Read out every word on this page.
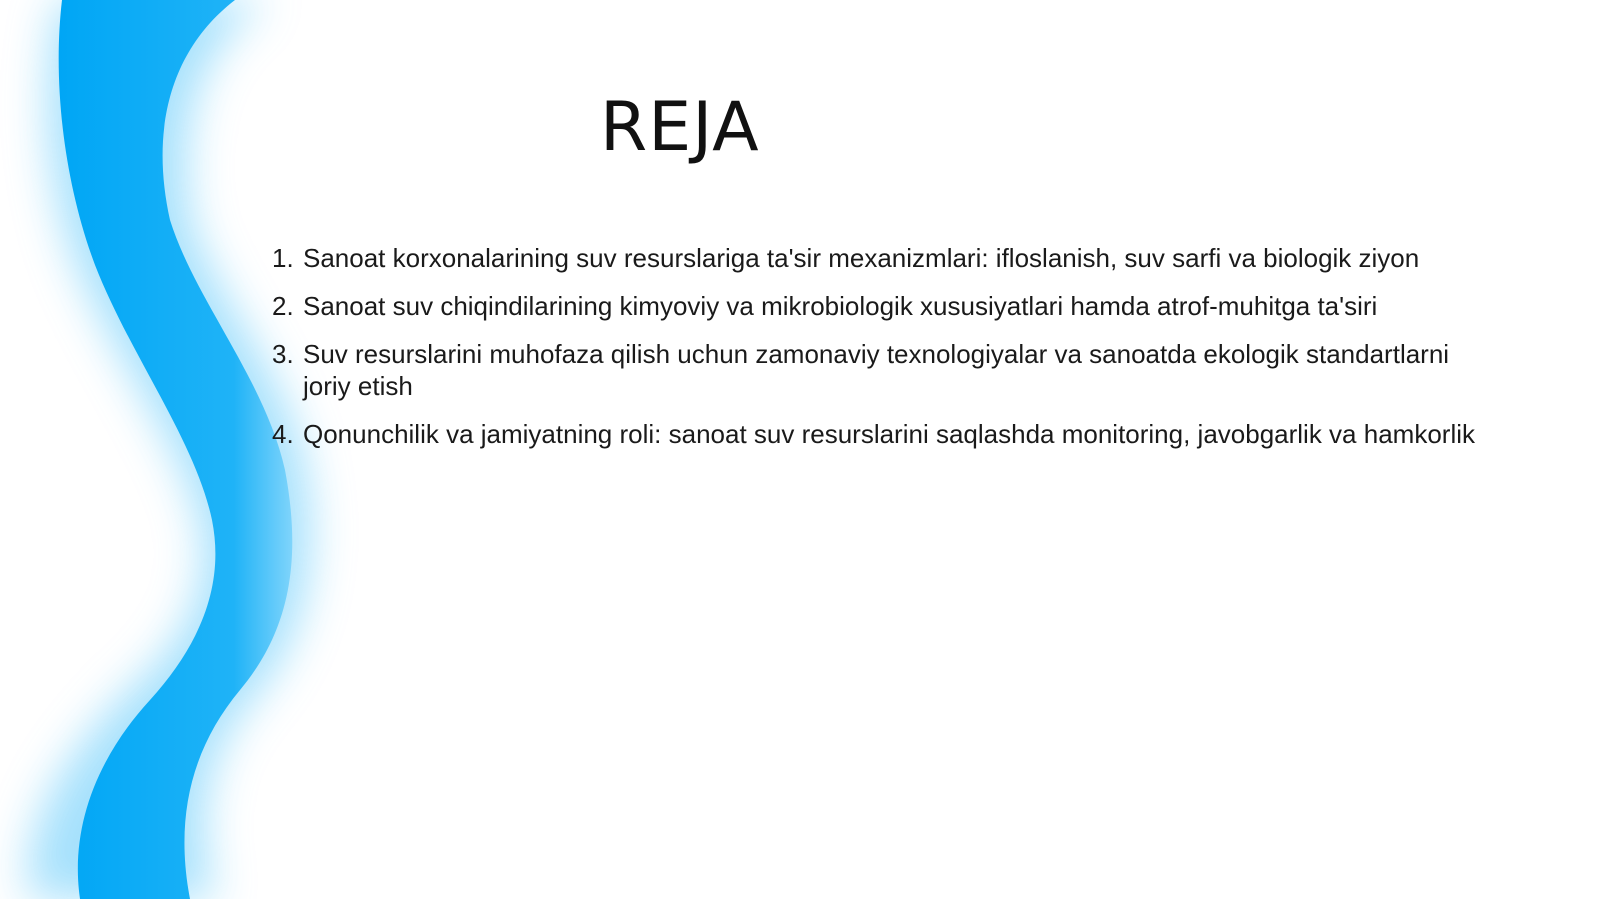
REJA
1. Sanoat korxonalarining suv resurslariga ta'sir mexanizmlari: ifloslanish, suv sarfi va biologik ziyon
2. Sanoat suv chiqindilarining kimyoviy va mikrobiologik xususiyatlari hamda atrof-muhitga ta'siri
3. Suv resurslarini muhofaza qilish uchun zamonaviy texnologiyalar va sanoatda ekologik standartlarni joriy etish
4. Qonunchilik va jamiyatning roli: sanoat suv resurslarini saqlashda monitoring, javobgarlik va hamkorlik
